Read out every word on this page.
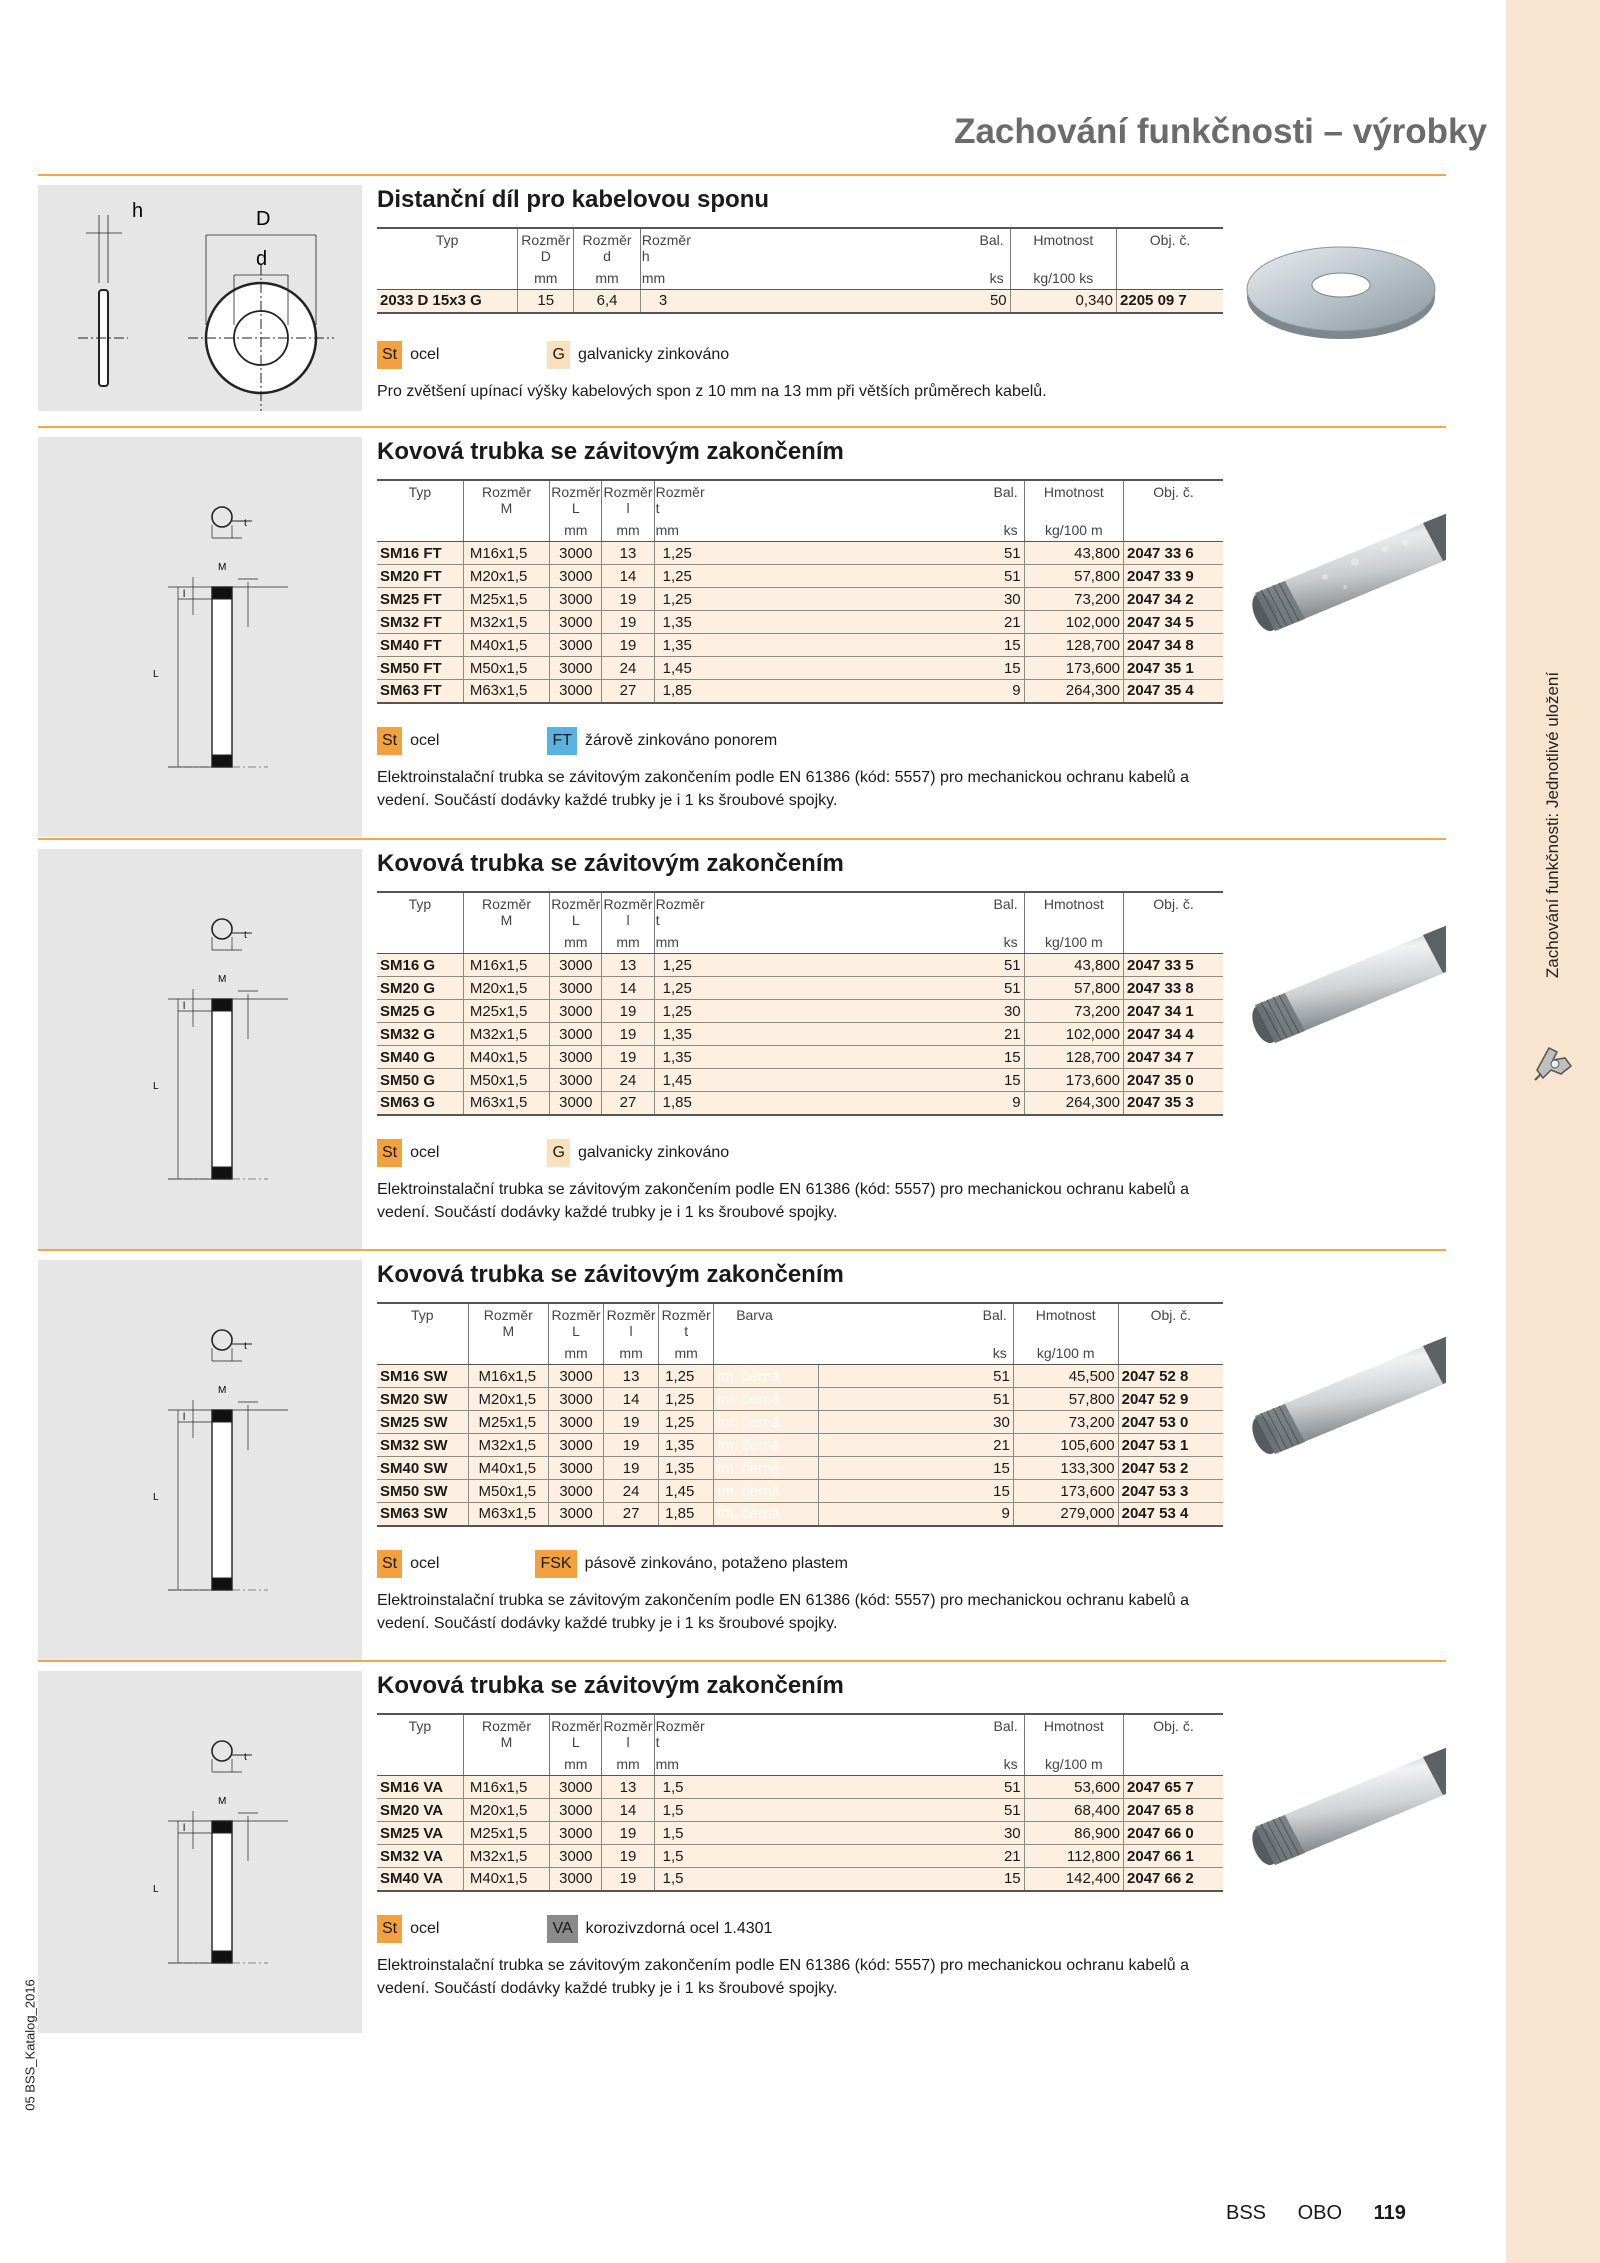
Zachování funkčnosti: Jednotlivé uložení
05 BSS_Katalog_2016
Zachování funkčnosti – výrobky
h	D
d
Distanční díl pro kabelovou sponu
Typ	Rozměr
D	Rozměr
d	Rozměr
h	Bal.	Hmotnost	Obj. č.
	mm	mm	mm	ks	kg/100 ks	
2033 D 15x3 G	15	6,4	3	50	0,340	2205 09 7
St ocel	G galvanicky zinkováno
Pro zvětšení upínací výšky kabelových spon z 10 mm na 13 mm při větších průměrech kabelů.
t
M
l
L
Kovová trubka se závitovým zakončením
Typ	Rozměr
M	Rozměr
L	Rozměr
l	Rozměr
t	Bal.	Hmotnost	Obj. č.
		mm	mm	mm	ks	kg/100 m	
SM16 FT	M16x1,5	3000	13	1,25	51	43,800	2047 33 6
SM20 FT	M20x1,5	3000	14	1,25	51	57,800	2047 33 9
SM25 FT	M25x1,5	3000	19	1,25	30	73,200	2047 34 2
SM32 FT	M32x1,5	3000	19	1,35	21	102,000	2047 34 5
SM40 FT	M40x1,5	3000	19	1,35	15	128,700	2047 34 8
SM50 FT	M50x1,5	3000	24	1,45	15	173,600	2047 35 1
SM63 FT	M63x1,5	3000	27	1,85	9	264,300	2047 35 4
St ocel	FT žárově zinkováno ponorem
Elektroinstalační trubka se závitovým zakončením podle EN 61386 (kód: 5557) pro mechanickou ochranu kabelů a vedení. Součástí dodávky každé trubky je i 1 ks šroubové spojky.
t
M
l
L
Kovová trubka se závitovým zakončením
Typ	Rozměr
M	Rozměr
L	Rozměr
l	Rozměr
t	Bal.	Hmotnost	Obj. č.
		mm	mm	mm	ks	kg/100 m	
SM16 G	M16x1,5	3000	13	1,25	51	43,800	2047 33 5
SM20 G	M20x1,5	3000	14	1,25	51	57,800	2047 33 8
SM25 G	M25x1,5	3000	19	1,25	30	73,200	2047 34 1
SM32 G	M32x1,5	3000	19	1,35	21	102,000	2047 34 4
SM40 G	M40x1,5	3000	19	1,35	15	128,700	2047 34 7
SM50 G	M50x1,5	3000	24	1,45	15	173,600	2047 35 0
SM63 G	M63x1,5	3000	27	1,85	9	264,300	2047 35 3
St ocel	G galvanicky zinkováno
Elektroinstalační trubka se závitovým zakončením podle EN 61386 (kód: 5557) pro mechanickou ochranu kabelů a vedení. Součástí dodávky každé trubky je i 1 ks šroubové spojky.
t
M
l
L
Kovová trubka se závitovým zakončením
Typ	Rozměr
M	Rozměr
L	Rozměr
l	Rozměr
t	Barva	Bal.		Hmotnost	Obj. č.
		mm	mm	mm		ks		kg/100 m	
SM16 SW	M16x1,5	3000	13	1,25	tm. černá		51	45,500	2047 52 8
SM20 SW	M20x1,5	3000	14	1,25	tm. černá		51	57,800	2047 52 9
SM25 SW	M25x1,5	3000	19	1,25	tm. černá		30	73,200	2047 53 0
SM32 SW	M32x1,5	3000	19	1,35	tm. černá		21	105,600	2047 53 1
SM40 SW	M40x1,5	3000	19	1,35	tm. černá		15	133,300	2047 53 2
SM50 SW	M50x1,5	3000	24	1,45	tm. černá		15	173,600	2047 53 3
SM63 SW	M63x1,5	3000	27	1,85	tm. černá		9	279,000	2047 53 4
St ocel	FSK pásově zinkováno, potaženo plastem
Elektroinstalační trubka se závitovým zakončením podle EN 61386 (kód: 5557) pro mechanickou ochranu kabelů a vedení. Součástí dodávky každé trubky je i 1 ks šroubové spojky.
t
M
l
L
Kovová trubka se závitovým zakončením
Typ	Rozměr
M	Rozměr
L	Rozměr
l	Rozměr
t	Bal.	Hmotnost	Obj. č.
		mm	mm	mm	ks	kg/100 m	
SM16 VA	M16x1,5	3000	13	1,5	51	53,600	2047 65 7
SM20 VA	M20x1,5	3000	14	1,5	51	68,400	2047 65 8
SM25 VA	M25x1,5	3000	19	1,5	30	86,900	2047 66 0
SM32 VA	M32x1,5	3000	19	1,5	21	112,800	2047 66 1
SM40 VA	M40x1,5	3000	19	1,5	15	142,400	2047 66 2
St ocel	VA korozivzdorná ocel 1.4301
Elektroinstalační trubka se závitovým zakončením podle EN 61386 (kód: 5557) pro mechanickou ochranu kabelů a vedení. Součástí dodávky každé trubky je i 1 ks šroubové spojky.
BSS OBO 119
